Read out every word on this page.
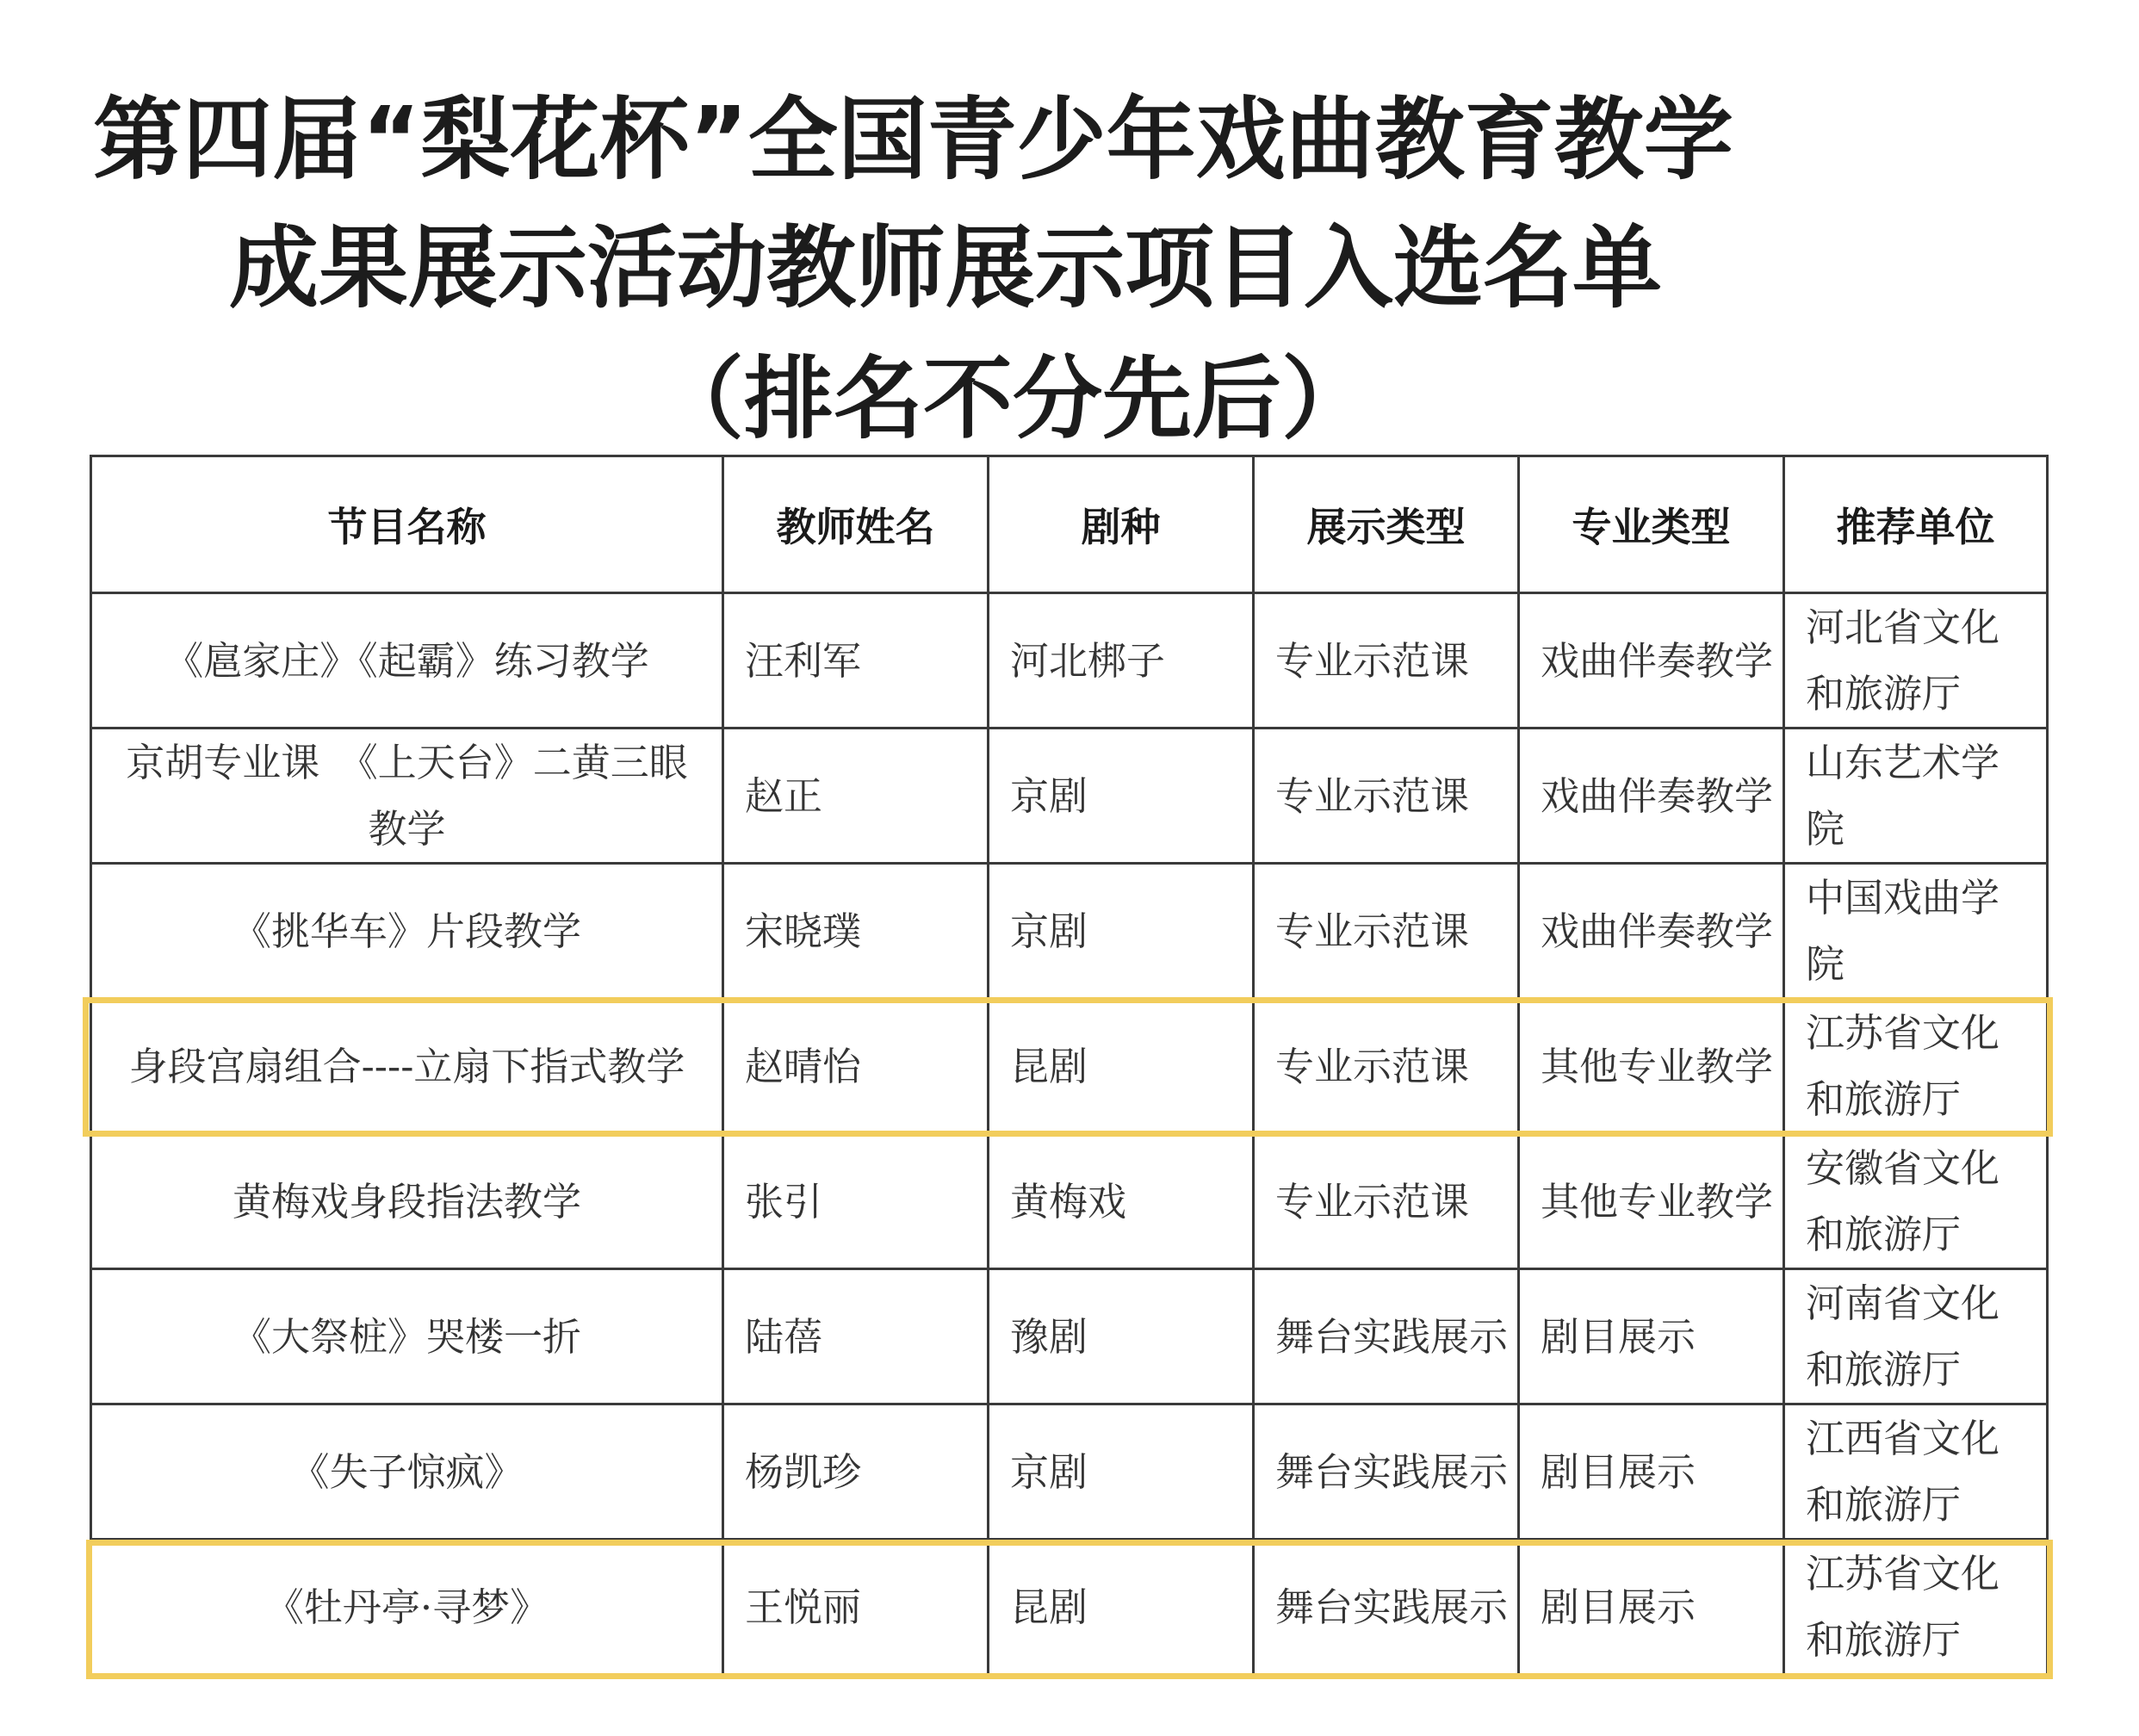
第四届“梨花杯”全国青少年戏曲教育教学
成果展示活动教师展示项目入选名单
（排名不分先后）
节目名称	教师姓名	剧种	展示类型	专业类型	推荐单位
《扈家庄》《起霸》练习教学	汪利军	河北梆子	专业示范课	戏曲伴奏教学	河北省文化和旅游厅
京胡专业课　《上天台》二黄三眼教学	赵正	京剧	专业示范课	戏曲伴奏教学	山东艺术学院
《挑华车》片段教学	宋晓璞	京剧	专业示范课	戏曲伴奏教学	中国戏曲学院
身段宫扇组合----立扇下指式教学	赵晴怡	昆剧	专业示范课	其他专业教学	江苏省文化和旅游厅
黄梅戏身段指法教学	张引	黄梅戏	专业示范课	其他专业教学	安徽省文化和旅游厅
《大祭桩》哭楼一折	陆蓓	豫剧	舞台实践展示	剧目展示	河南省文化和旅游厅
《失子惊疯》	杨凯珍	京剧	舞台实践展示	剧目展示	江西省文化和旅游厅
《牡丹亭·寻梦》	王悦丽	昆剧	舞台实践展示	剧目展示	江苏省文化和旅游厅
